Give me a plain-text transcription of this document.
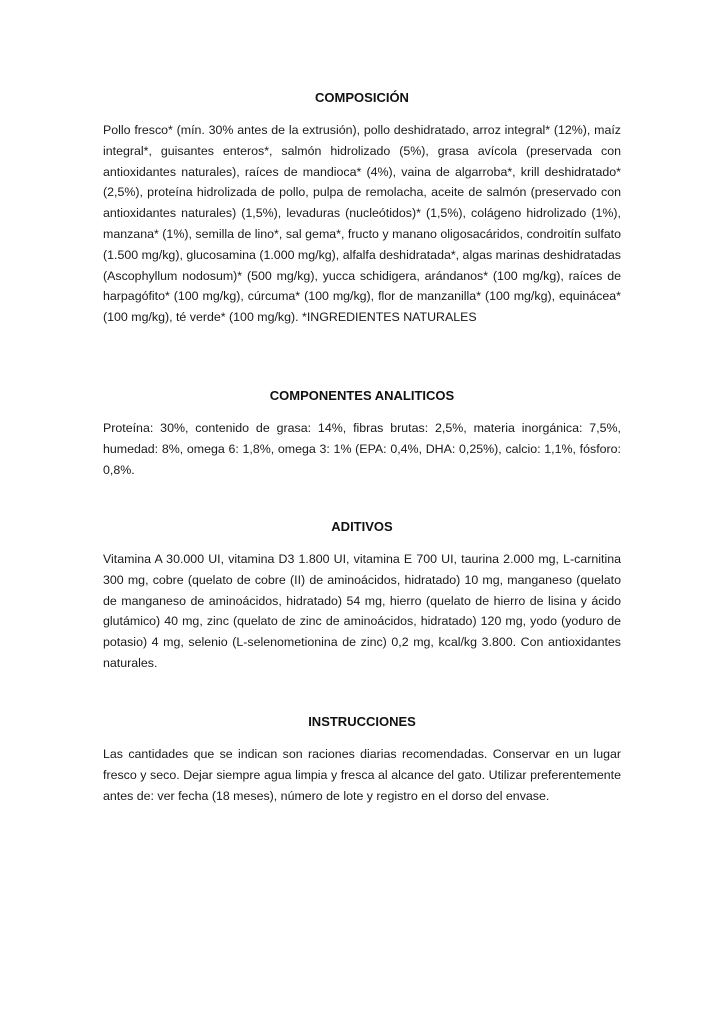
COMPOSICIÓN

Pollo fresco* (mín. 30% antes de la extrusión), pollo deshidratado, arroz integral* (12%), maíz integral*, guisantes enteros*, salmón hidrolizado (5%), grasa avícola (preservada con antioxidantes naturales), raíces de mandioca* (4%), vaina de algarroba*, krill deshidratado* (2,5%), proteína hidrolizada de pollo, pulpa de remolacha, aceite de salmón (preservado con antioxidantes naturales) (1,5%), levaduras (nucleótidos)* (1,5%), colágeno hidrolizado (1%), manzana* (1%), semilla de lino*, sal gema*, fructo y manano oligosacáridos, condroitín sulfato (1.500 mg/kg), glucosamina (1.000 mg/kg), alfalfa deshidratada*, algas marinas deshidratadas (Ascophyllum nodosum)* (500 mg/kg), yucca schidigera, arándanos* (100 mg/kg), raíces de harpagófito* (100 mg/kg), cúrcuma* (100 mg/kg), flor de manzanilla* (100 mg/kg), equinácea* (100 mg/kg), té verde* (100 mg/kg). *INGREDIENTES NATURALES

COMPONENTES ANALITICOS

Proteína: 30%, contenido de grasa: 14%, fibras brutas: 2,5%, materia inorgánica: 7,5%, humedad: 8%, omega 6: 1,8%, omega 3: 1% (EPA: 0,4%, DHA: 0,25%), calcio: 1,1%, fósforo: 0,8%.

ADITIVOS

Vitamina A 30.000 UI, vitamina D3 1.800 UI, vitamina E 700 UI, taurina 2.000 mg, L-carnitina 300 mg, cobre (quelato de cobre (II) de aminoácidos, hidratado) 10 mg, manganeso (quelato de manganeso de aminoácidos, hidratado) 54 mg, hierro (quelato de hierro de lisina y ácido glutámico) 40 mg, zinc (quelato de zinc de aminoácidos, hidratado) 120 mg, yodo (yoduro de potasio) 4 mg, selenio (L-selenometionina de zinc) 0,2 mg, kcal/kg 3.800. Con antioxidantes naturales.

INSTRUCCIONES

Las cantidades que se indican son raciones diarias recomendadas. Conservar en un lugar fresco y seco. Dejar siempre agua limpia y fresca al alcance del gato. Utilizar preferentemente antes de: ver fecha (18 meses), número de lote y registro en el dorso del envase.
